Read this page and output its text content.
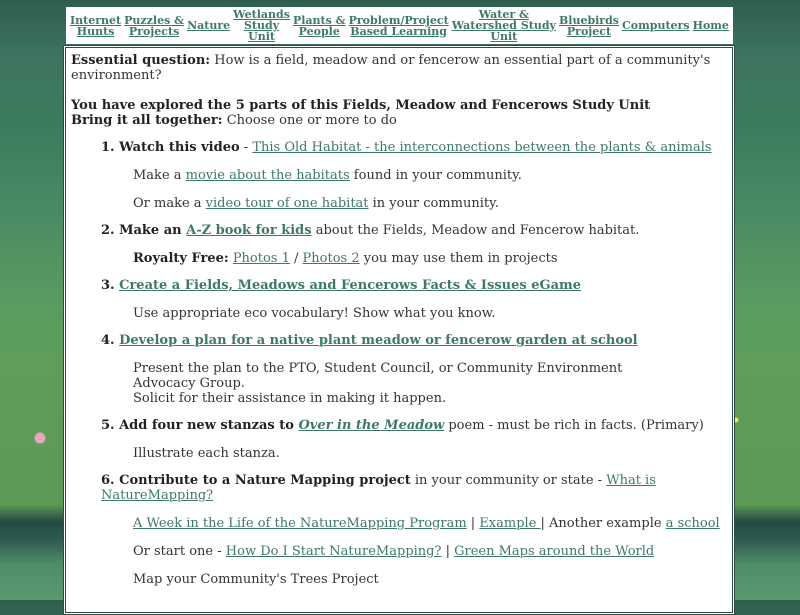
Internet
Hunts
Puzzles &
Projects Nature
Wetlands
Study
Unit
Plants &
People
Problem/Project
Based Learning
Water &
Watershed Study
Unit
Bluebirds
Project Computers Home

Essential question: How is a field, meadow and or fencerow an essential part of a community's environment?

You have explored the 5 parts of this Fields, Meadow and Fencerows Study Unit

Bring it all together: Choose one or more to do

1. Watch this video - This Old Habitat - the interconnections between the plants & animals

Make a movie about the habitats found in your community.

Or make a video tour of one habitat in your community.

2. Make an A-Z book for kids about the Fields, Meadow and Fencerow habitat.

Royalty Free: Photos 1 / Photos 2 you may use them in projects

3. Create a Fields, Meadows and Fencerows Facts & Issues eGame

Use appropriate eco vocabulary! Show what you know.

4. Develop a plan for a native plant meadow or fencerow garden at school

Present the plan to the PTO, Student Council, or Community Environment Advocacy Group.
Solicit for their assistance in making it happen.

5. Add four new stanzas to Over in the Meadow poem - must be rich in facts. (Primary)

Illustrate each stanza.

6. Contribute to a Nature Mapping project in your community or state - What is NatureMapping?

A Week in the Life of the NatureMapping Program | Example | Another example a school

Or start one - How Do I Start NatureMapping? | Green Maps around the World

Map your Community's Trees Project
